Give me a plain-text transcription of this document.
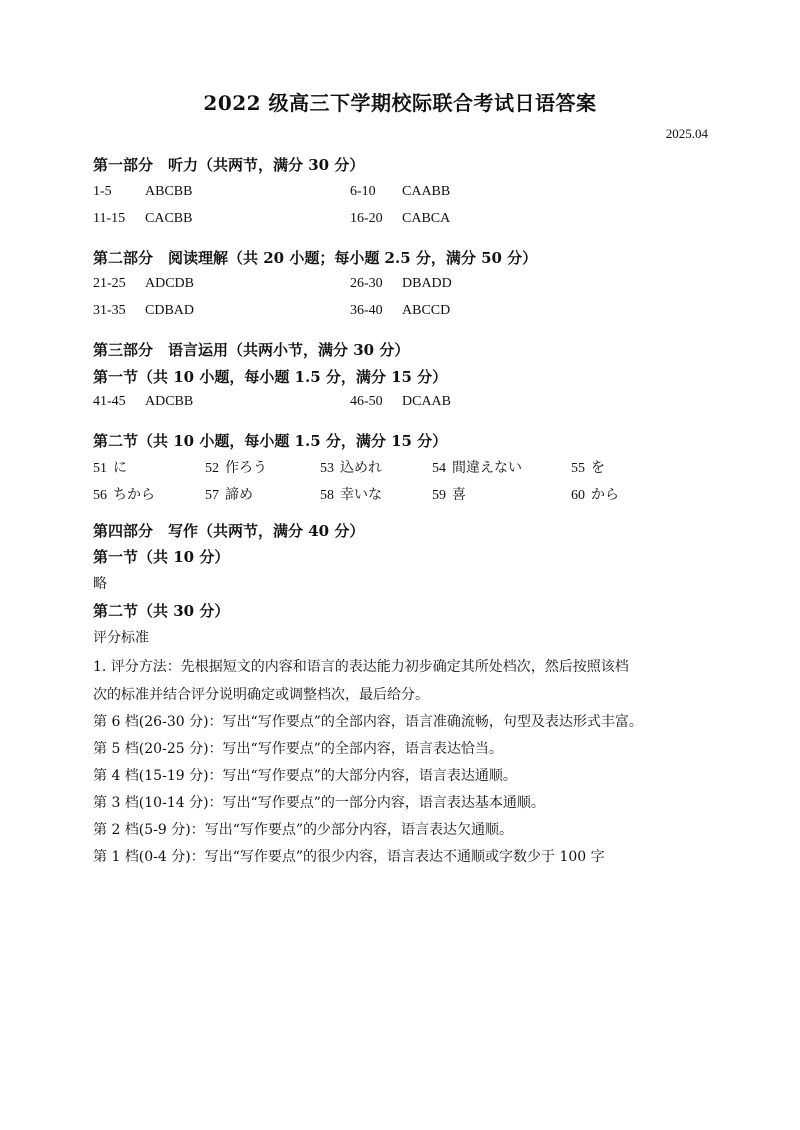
2022 级高三下学期校际联合考试日语答案
2025.04
第一部分　听力（共两节，满分 30 分）
1-5 ABCBB	6-10 CAABB
11-15 CACBB	16-20 CABCA
第二部分　阅读理解（共 20 小题；每小题 2.5 分，满分 50 分）
21-25 ADCDB	26-30 DBADD
31-35 CDBAD	36-40 ABCCD
第三部分　语言运用（共两小节，满分 30 分）
第一节（共 10 小题，每小题 1.5 分，满分 15 分）
41-45 ADCBB	46-50 DCAAB
第二节（共 10 小题，每小题 1.5 分，满分 15 分）
51 に	52 作ろう	53 込めれ	54 間違えない	55 を
56 ちから	57 諦め	58 幸いな	59 喜	60 から
第四部分　写作（共两节，满分 40 分）
第一节（共 10 分）
略
第二节（共 30 分）
评分标准
1. 评分方法：先根据短文的内容和语言的表达能力初步确定其所处档次，然后按照该档
次的标准并结合评分说明确定或调整档次，最后给分。
第 6 档(26-30 分)：写出“写作要点”的全部内容，语言准确流畅，句型及表达形式丰富。
第 5 档(20-25 分)：写出“写作要点”的全部内容，语言表达恰当。
第 4 档(15-19 分)：写出“写作要点”的大部分内容，语言表达通顺。
第 3 档(10-14 分)：写出“写作要点”的一部分内容，语言表达基本通顺。
第 2 档(5-9 分)：写出“写作要点”的少部分内容，语言表达欠通顺。
第 1 档(0-4 分)：写出“写作要点”的很少内容，语言表达不通顺或字数少于 100 字
